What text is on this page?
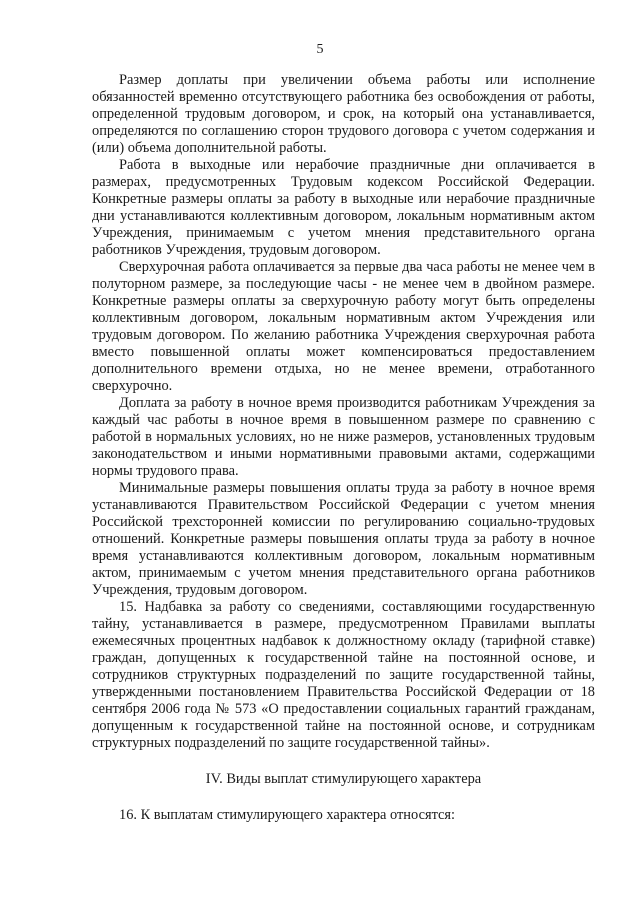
5

Размер доплаты при увеличении объема работы или исполнение обязанностей временно отсутствующего работника без освобождения от работы, определенной трудовым договором, и срок, на который она устанавливается, определяются по соглашению сторон трудового договора с учетом содержания и (или) объема дополнительной работы.

Работа в выходные или нерабочие праздничные дни оплачивается в размерах, предусмотренных Трудовым кодексом Российской Федерации. Конкретные размеры оплаты за работу в выходные или нерабочие праздничные дни устанавливаются коллективным договором, локальным нормативным актом Учреждения, принимаемым с учетом мнения представительного органа работников Учреждения, трудовым договором.

Сверхурочная работа оплачивается за первые два часа работы не менее чем в полуторном размере, за последующие часы - не менее чем в двойном размере. Конкретные размеры оплаты за сверхурочную работу могут быть определены коллективным договором, локальным нормативным актом Учреждения или трудовым договором. По желанию работника Учреждения сверхурочная работа вместо повышенной оплаты может компенсироваться предоставлением дополнительного времени отдыха, но не менее времени, отработанного сверхурочно.

Доплата за работу в ночное время производится работникам Учреждения за каждый час работы в ночное время в повышенном размере по сравнению с работой в нормальных условиях, но не ниже размеров, установленных трудовым законодательством и иными нормативными правовыми актами, содержащими нормы трудового права.

Минимальные размеры повышения оплаты труда за работу в ночное время устанавливаются Правительством Российской Федерации с учетом мнения Российской трехсторонней комиссии по регулированию социально-трудовых отношений. Конкретные размеры повышения оплаты труда за работу в ночное время устанавливаются коллективным договором, локальным нормативным актом, принимаемым с учетом мнения представительного органа работников Учреждения, трудовым договором.

15. Надбавка за работу со сведениями, составляющими государственную тайну, устанавливается в размере, предусмотренном Правилами выплаты ежемесячных процентных надбавок к должностному окладу (тарифной ставке) граждан, допущенных к государственной тайне на постоянной основе, и сотрудников структурных подразделений по защите государственной тайны, утвержденными постановлением Правительства Российской Федерации от 18 сентября 2006 года № 573 «О предоставлении социальных гарантий гражданам, допущенным к государственной тайне на постоянной основе, и сотрудникам структурных подразделений по защите государственной тайны».

IV. Виды выплат стимулирующего характера

16. К выплатам стимулирующего характера относятся:
